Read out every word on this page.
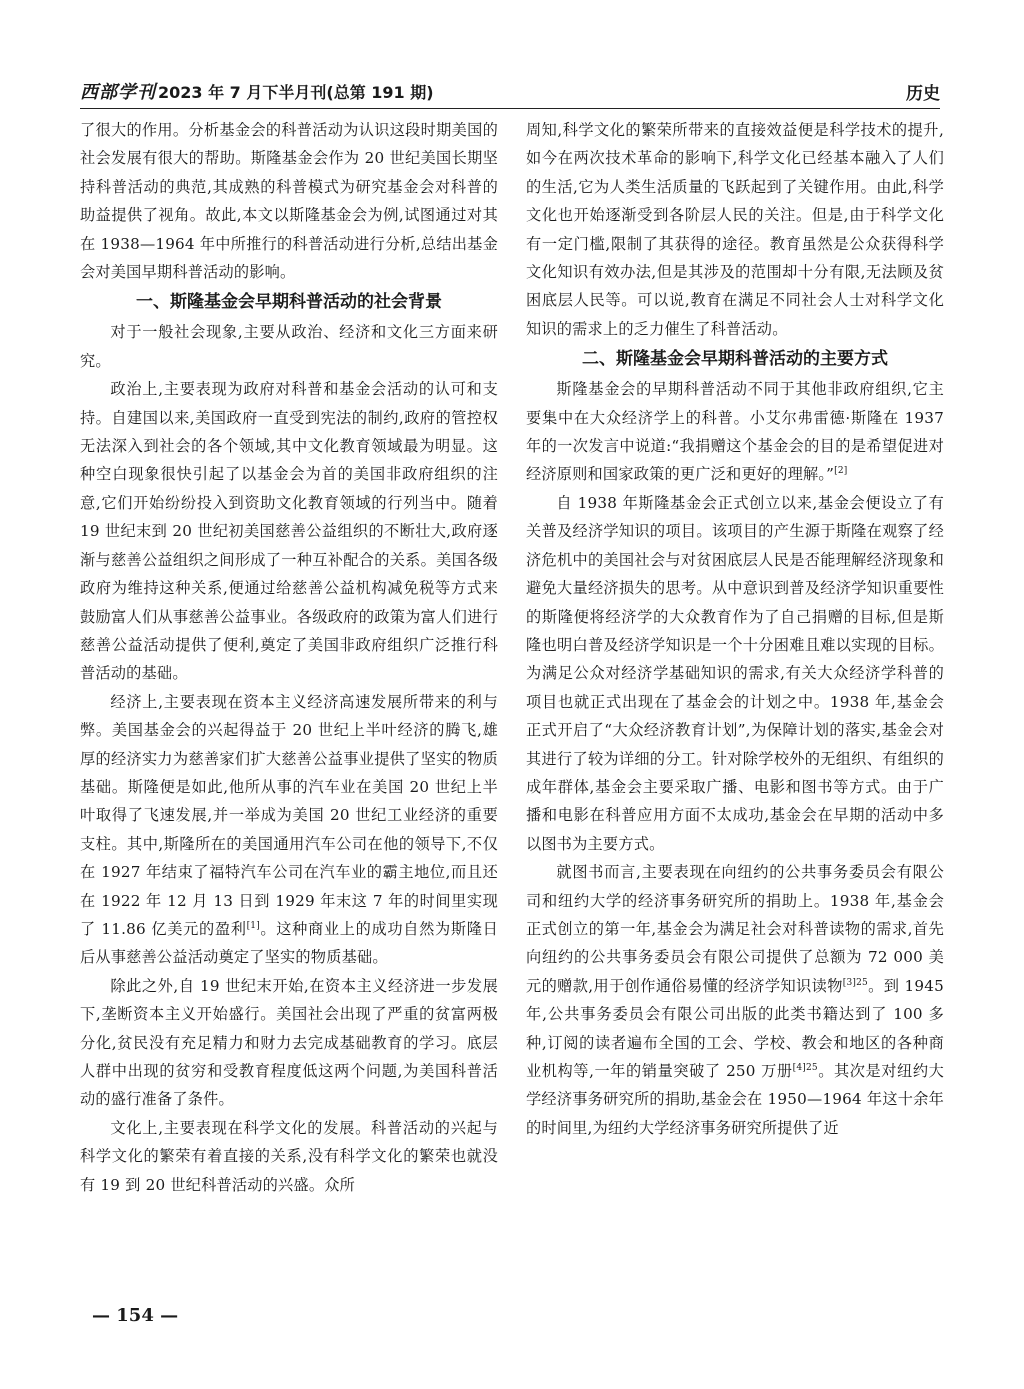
西部学刊 2023 年 7 月下半月刊(总第 191 期)	历史

了很大的作用。分析基金会的科普活动为认识这段时期美国的社会发展有很大的帮助。斯隆基金会作为 20 世纪美国长期坚持科普活动的典范,其成熟的科普模式为研究基金会对科普的助益提供了视角。故此,本文以斯隆基金会为例,试图通过对其在 1938—1964 年中所推行的科普活动进行分析,总结出基金会对美国早期科普活动的影响。

一、斯隆基金会早期科普活动的社会背景

对于一般社会现象,主要从政治、经济和文化三方面来研究。

政治上,主要表现为政府对科普和基金会活动的认可和支持。自建国以来,美国政府一直受到宪法的制约,政府的管控权无法深入到社会的各个领域,其中文化教育领域最为明显。这种空白现象很快引起了以基金会为首的美国非政府组织的注意,它们开始纷纷投入到资助文化教育领域的行列当中。随着 19 世纪末到 20 世纪初美国慈善公益组织的不断壮大,政府逐渐与慈善公益组织之间形成了一种互补配合的关系。美国各级政府为维持这种关系,便通过给慈善公益机构减免税等方式来鼓励富人们从事慈善公益事业。各级政府的政策为富人们进行慈善公益活动提供了便利,奠定了美国非政府组织广泛推行科普活动的基础。

经济上,主要表现在资本主义经济高速发展所带来的利与弊。美国基金会的兴起得益于 20 世纪上半叶经济的腾飞,雄厚的经济实力为慈善家们扩大慈善公益事业提供了坚实的物质基础。斯隆便是如此,他所从事的汽车业在美国 20 世纪上半叶取得了飞速发展,并一举成为美国 20 世纪工业经济的重要支柱。其中,斯隆所在的美国通用汽车公司在他的领导下,不仅在 1927 年结束了福特汽车公司在汽车业的霸主地位,而且还在 1922 年 12 月 13 日到 1929 年末这 7 年的时间里实现了 11.86 亿美元的盈利[1]。这种商业上的成功自然为斯隆日后从事慈善公益活动奠定了坚实的物质基础。

除此之外,自 19 世纪末开始,在资本主义经济进一步发展下,垄断资本主义开始盛行。美国社会出现了严重的贫富两极分化,贫民没有充足精力和财力去完成基础教育的学习。底层人群中出现的贫穷和受教育程度低这两个问题,为美国科普活动的盛行准备了条件。

文化上,主要表现在科学文化的发展。科普活动的兴起与科学文化的繁荣有着直接的关系,没有科学文化的繁荣也就没有 19 到 20 世纪科普活动的兴盛。众所

周知,科学文化的繁荣所带来的直接效益便是科学技术的提升,如今在两次技术革命的影响下,科学文化已经基本融入了人们的生活,它为人类生活质量的飞跃起到了关键作用。由此,科学文化也开始逐渐受到各阶层人民的关注。但是,由于科学文化有一定门槛,限制了其获得的途径。教育虽然是公众获得科学文化知识有效办法,但是其涉及的范围却十分有限,无法顾及贫困底层人民等。可以说,教育在满足不同社会人士对科学文化知识的需求上的乏力催生了科普活动。

二、斯隆基金会早期科普活动的主要方式

斯隆基金会的早期科普活动不同于其他非政府组织,它主要集中在大众经济学上的科普。小艾尔弗雷德·斯隆在 1937 年的一次发言中说道:“我捐赠这个基金会的目的是希望促进对经济原则和国家政策的更广泛和更好的理解。”[2]

自 1938 年斯隆基金会正式创立以来,基金会便设立了有关普及经济学知识的项目。该项目的产生源于斯隆在观察了经济危机中的美国社会与对贫困底层人民是否能理解经济现象和避免大量经济损失的思考。从中意识到普及经济学知识重要性的斯隆便将经济学的大众教育作为了自己捐赠的目标,但是斯隆也明白普及经济学知识是一个十分困难且难以实现的目标。为满足公众对经济学基础知识的需求,有关大众经济学科普的项目也就正式出现在了基金会的计划之中。1938 年,基金会正式开启了“大众经济教育计划”,为保障计划的落实,基金会对其进行了较为详细的分工。针对除学校外的无组织、有组织的成年群体,基金会主要采取广播、电影和图书等方式。由于广播和电影在科普应用方面不太成功,基金会在早期的活动中多以图书为主要方式。

就图书而言,主要表现在向纽约的公共事务委员会有限公司和纽约大学的经济事务研究所的捐助上。1938 年,基金会正式创立的第一年,基金会为满足社会对科普读物的需求,首先向纽约的公共事务委员会有限公司提供了总额为 72 000 美元的赠款,用于创作通俗易懂的经济学知识读物$^{[3]25}$。到 1945 年,公共事务委员会有限公司出版的此类书籍达到了 100 多种,订阅的读者遍布全国的工会、学校、教会和地区的各种商业机构等,一年的销量突破了 250 万册$^{[4]25}$。其次是对纽约大学经济事务研究所的捐助,基金会在 1950—1964 年这十余年的时间里,为纽约大学经济事务研究所提供了近

— 154 —
